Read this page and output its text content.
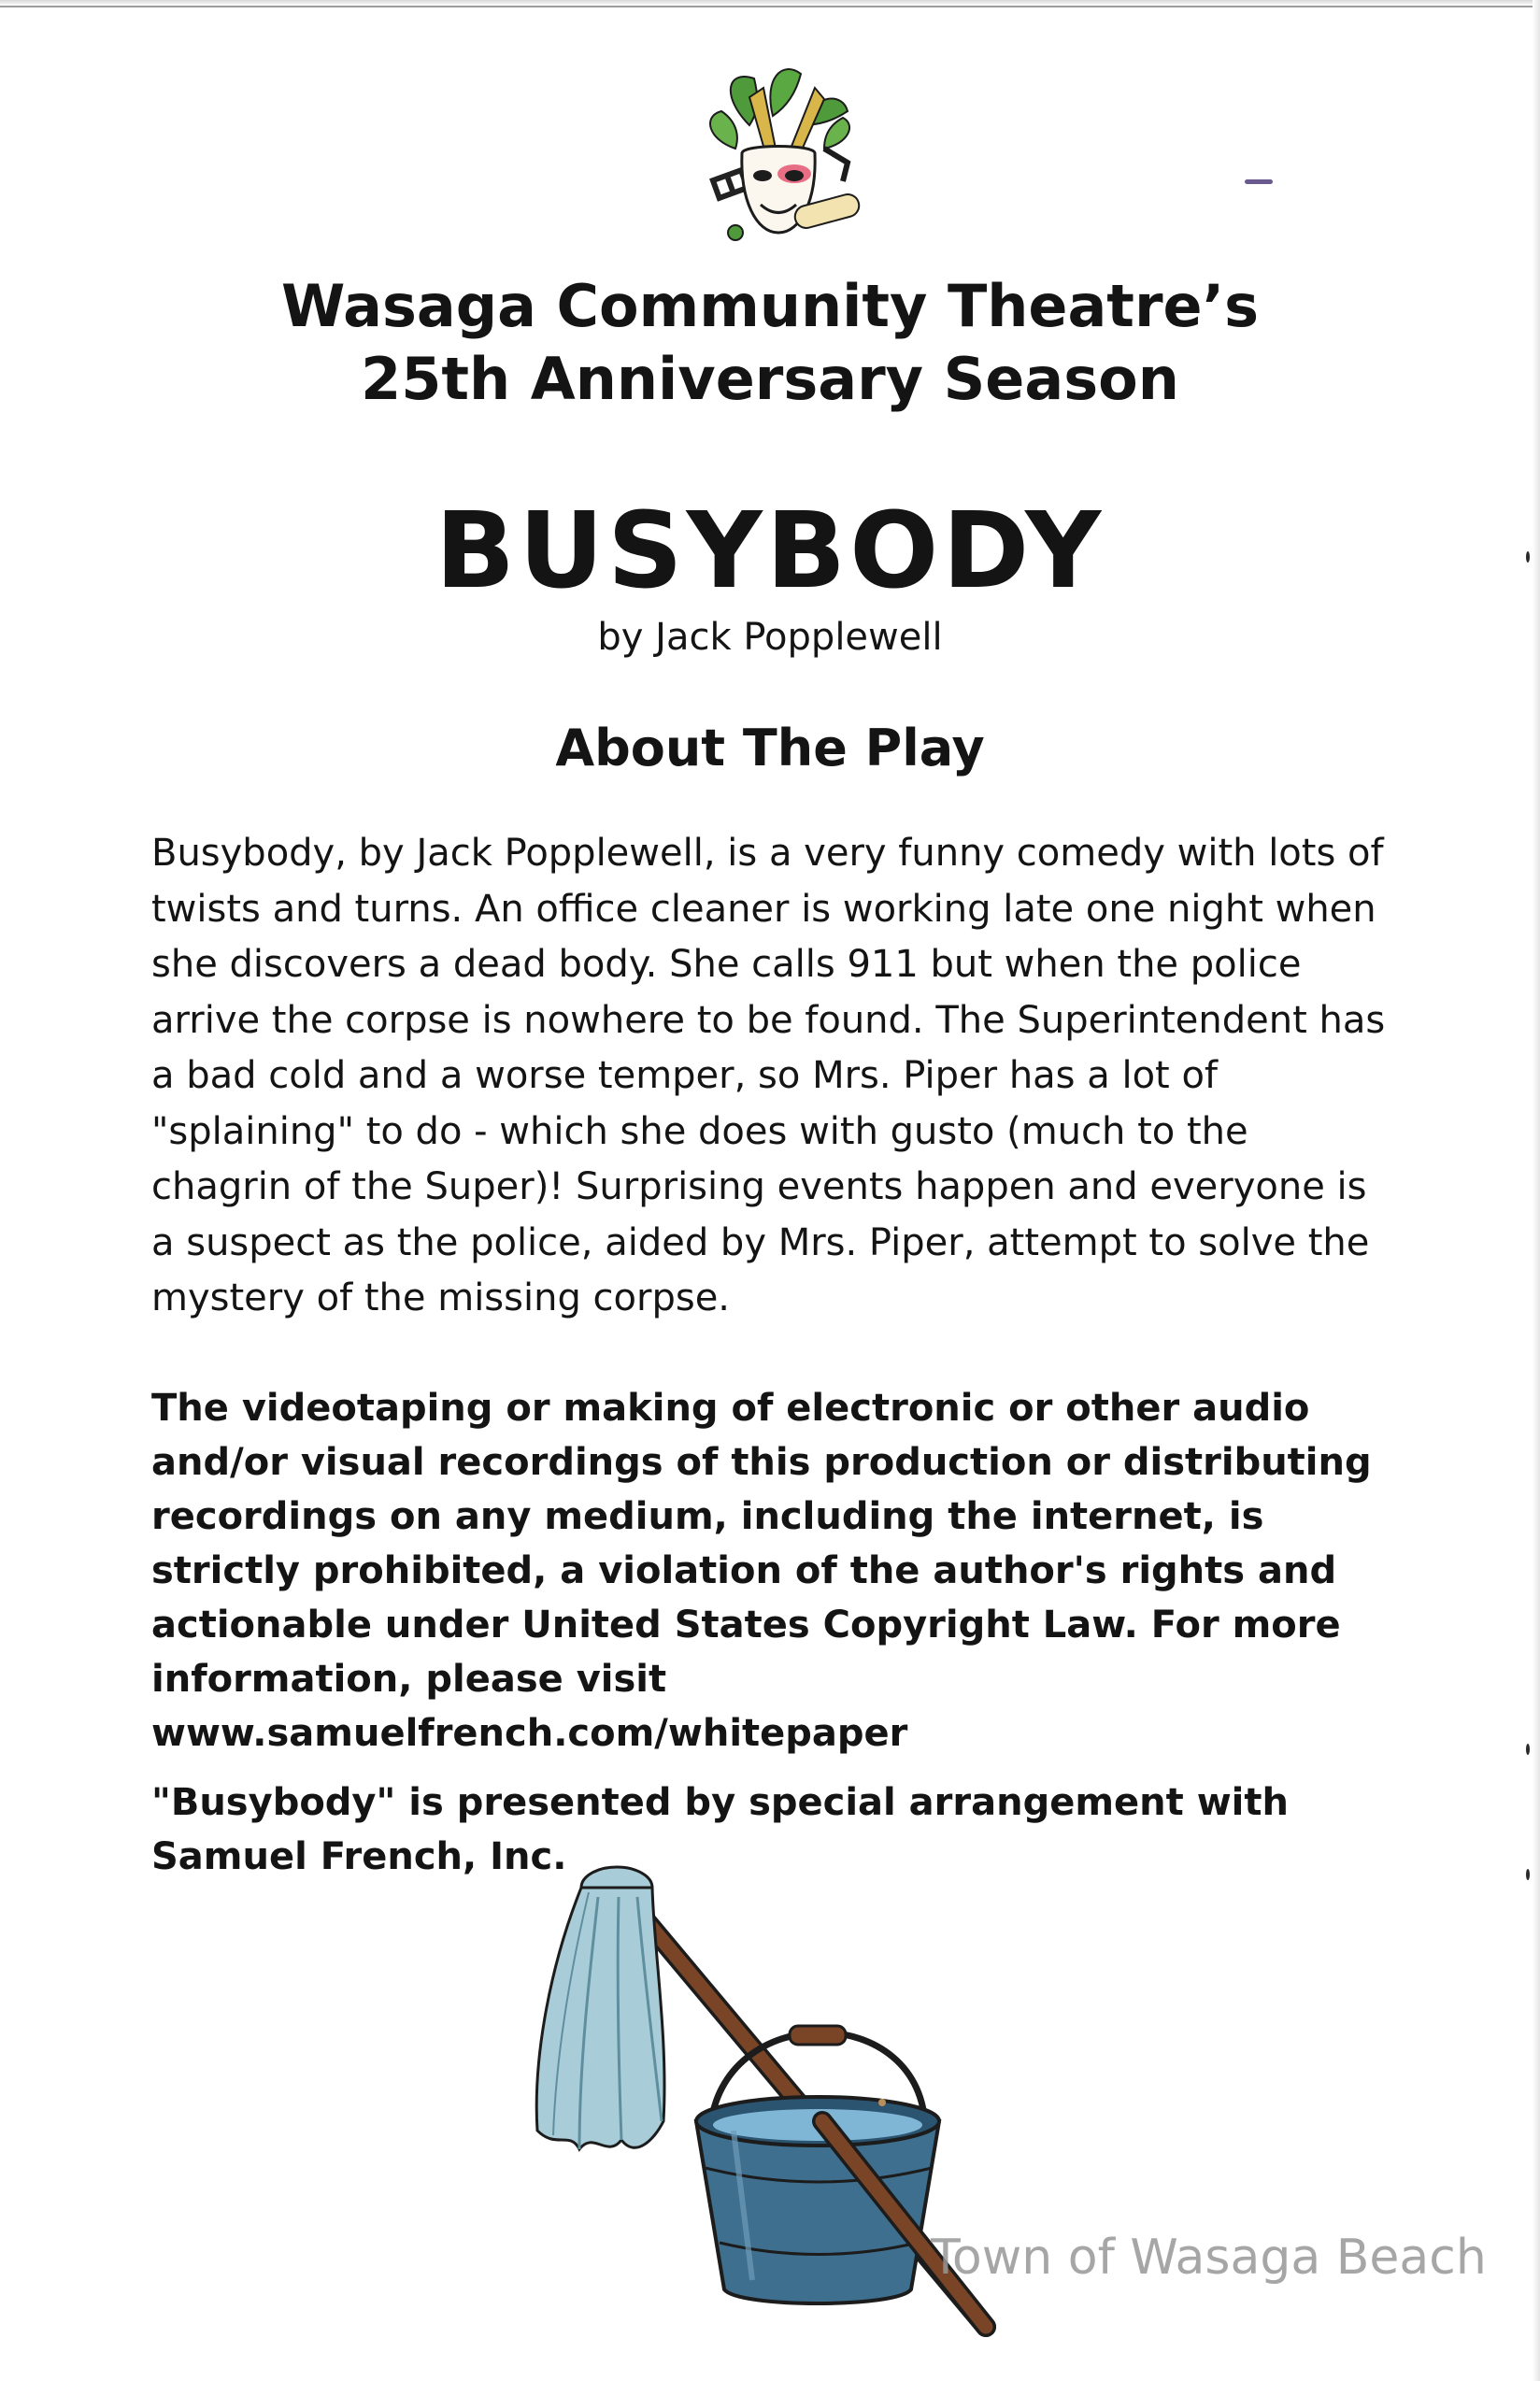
Wasaga Community Theatre’s
25th Anniversary Season
BUSYBODY
by Jack Popplewell
About The Play

Busybody, by Jack Popplewell, is a very funny comedy with lots of twists and turns. An office cleaner is working late one night when she discovers a dead body. She calls 911 but when the police arrive the corpse is nowhere to be found. The Superintendent has a bad cold and a worse temper, so Mrs. Piper has a lot of "splaining" to do - which she does with gusto (much to the chagrin of the Super)! Surprising events happen and everyone is a suspect as the police, aided by Mrs. Piper, attempt to solve the mystery of the missing corpse.

The videotaping or making of electronic or other audio and/or visual recordings of this production or distributing recordings on any medium, including the internet, is strictly prohibited, a violation of the author's rights and actionable under United States Copyright Law. For more information, please visit www.samuelfrench.com/whitepaper

"Busybody" is presented by special arrangement with Samuel French, Inc.

Town of Wasaga Beach
